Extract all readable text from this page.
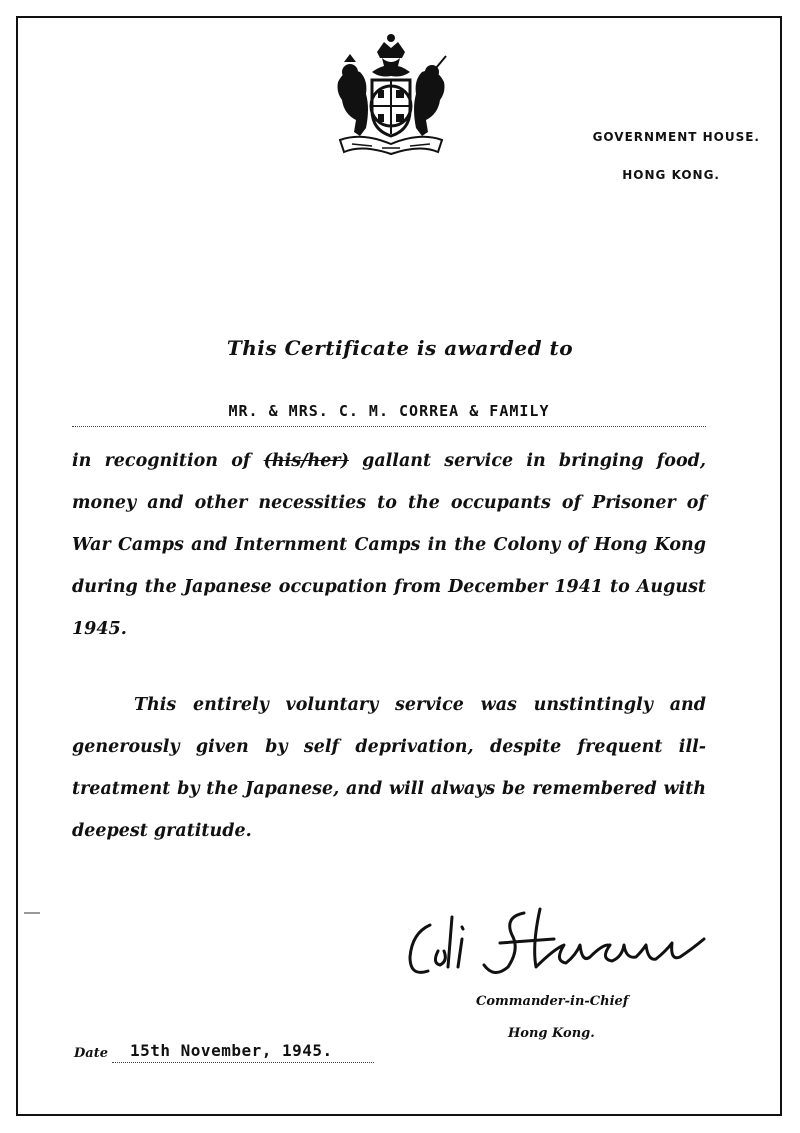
GOVERNMENT HOUSE.
HONG KONG.
This Certificate is awarded to
MR. & MRS. C. M. CORREA & FAMILY
in recognition of (his/her) gallant service in bringing food, money and other necessities to the occupants of Prisoner of War Camps and Internment Camps in the Colony of Hong Kong during the Japanese occupation from December 1941 to August 1945.
This entirely voluntary service was unstintingly and generously given by self deprivation, despite frequent ill-treatment by the Japanese, and will always be remembered with deepest gratitude.
Commander-in-Chief
Hong Kong.
Date	15th November, 1945.
